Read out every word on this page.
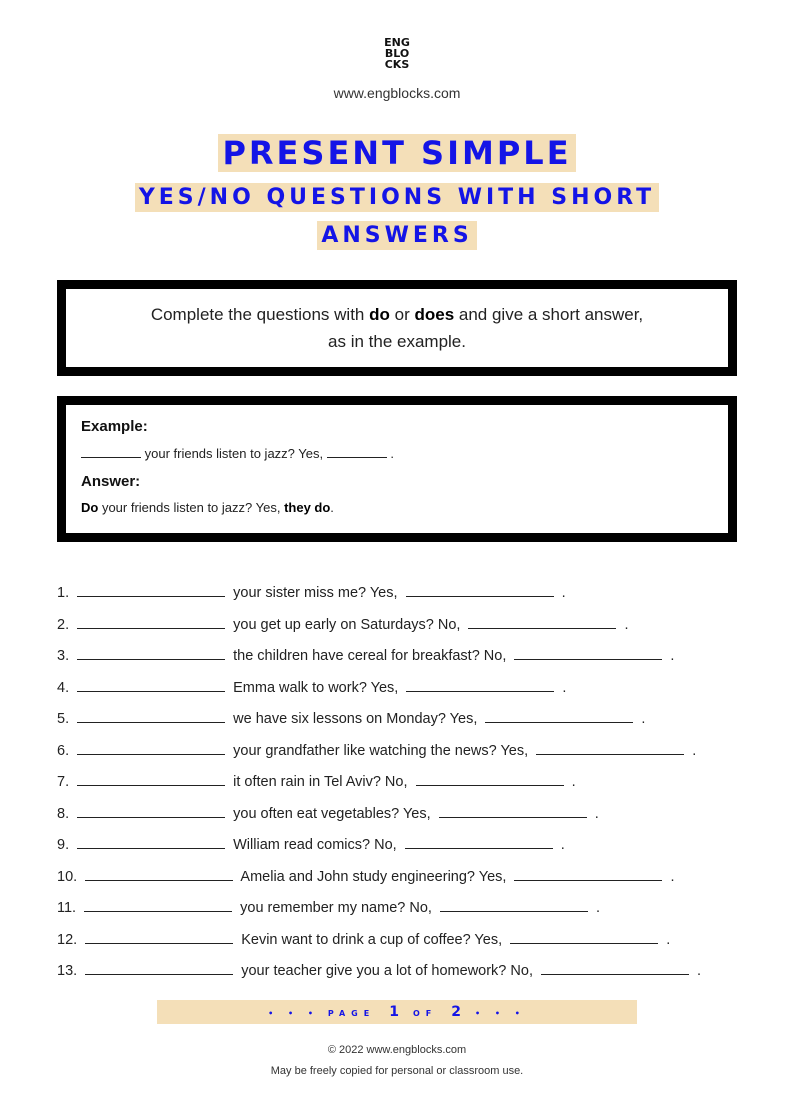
ENG
BLO
CKS
www.engblocks.com
PRESENT SIMPLE
YES/NO QUESTIONS WITH SHORT ANSWERS
Complete the questions with do or does and give a short answer,
as in the example.
Example:
your friends listen to jazz? Yes,	.
Answer:
Do your friends listen to jazz? Yes, they do.
1.	your sister miss me? Yes,	.
2.	you get up early on Saturdays? No,	.
3.	the children have cereal for breakfast? No,	.
4.	Emma walk to work? Yes,	.
5.	we have six lessons on Monday? Yes,	.
6.	your grandfather like watching the news? Yes,	.
7.	it often rain in Tel Aviv? No,	.
8.	you often eat vegetables? Yes,	.
9.	William read comics? No,	.
10.	Amelia and John study engineering? Yes,	.
11.	you remember my name? No,	.
12.	Kevin want to drink a cup of coffee? Yes,	.
13.	your teacher give you a lot of homework? No,	.
• • • PAGE 1 OF 2 • • •
© 2022 www.engblocks.com
May be freely copied for personal or classroom use.
